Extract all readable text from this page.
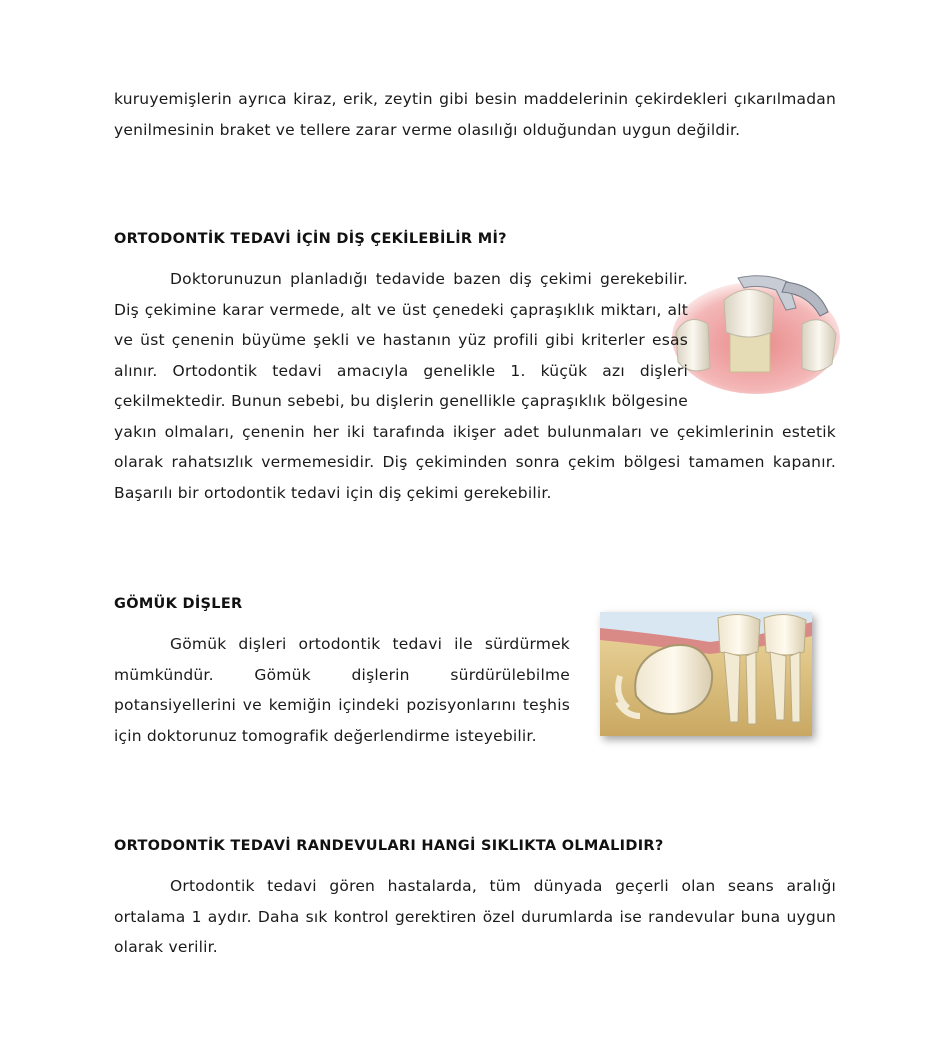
kuruyemişlerin ayrıca kiraz, erik, zeytin gibi besin maddelerinin çekirdekleri çıkarılmadan yenilmesinin braket ve tellere zarar verme olasılığı olduğundan uygun değildir.

ORTODONTİK TEDAVİ İÇİN DİŞ ÇEKİLEBİLİR Mİ?

Doktorunuzun planladığı tedavide bazen diş çekimi gerekebilir. Diş çekimine karar vermede, alt ve üst çenedeki çapraşıklık miktarı, alt ve üst çenenin büyüme şekli ve hastanın yüz profili gibi kriterler esas alınır. Ortodontik tedavi amacıyla genelikle 1. küçük azı dişleri çekilmektedir. Bunun sebebi, bu dişlerin genellikle çapraşıklık bölgesine yakın olmaları, çenenin her iki tarafında ikişer adet bulunmaları ve çekimlerinin estetik olarak rahatsızlık vermemesidir. Diş çekiminden sonra çekim bölgesi tamamen kapanır. Başarılı bir ortodontik tedavi için diş çekimi gerekebilir.

GÖMÜK DİŞLER

Gömük dişleri ortodontik tedavi ile sürdürmek mümkündür. Gömük dişlerin sürdürülebilme potansiyellerini ve kemiğin içindeki pozisyonlarını teşhis için doktorunuz tomografik değerlendirme isteyebilir.

ORTODONTİK TEDAVİ RANDEVULARI HANGİ SIKLIKTA OLMALIDIR?

Ortodontik tedavi gören hastalarda, tüm dünyada geçerli olan seans aralığı ortalama 1 aydır. Daha sık kontrol gerektiren özel durumlarda ise randevular buna uygun olarak verilir.
